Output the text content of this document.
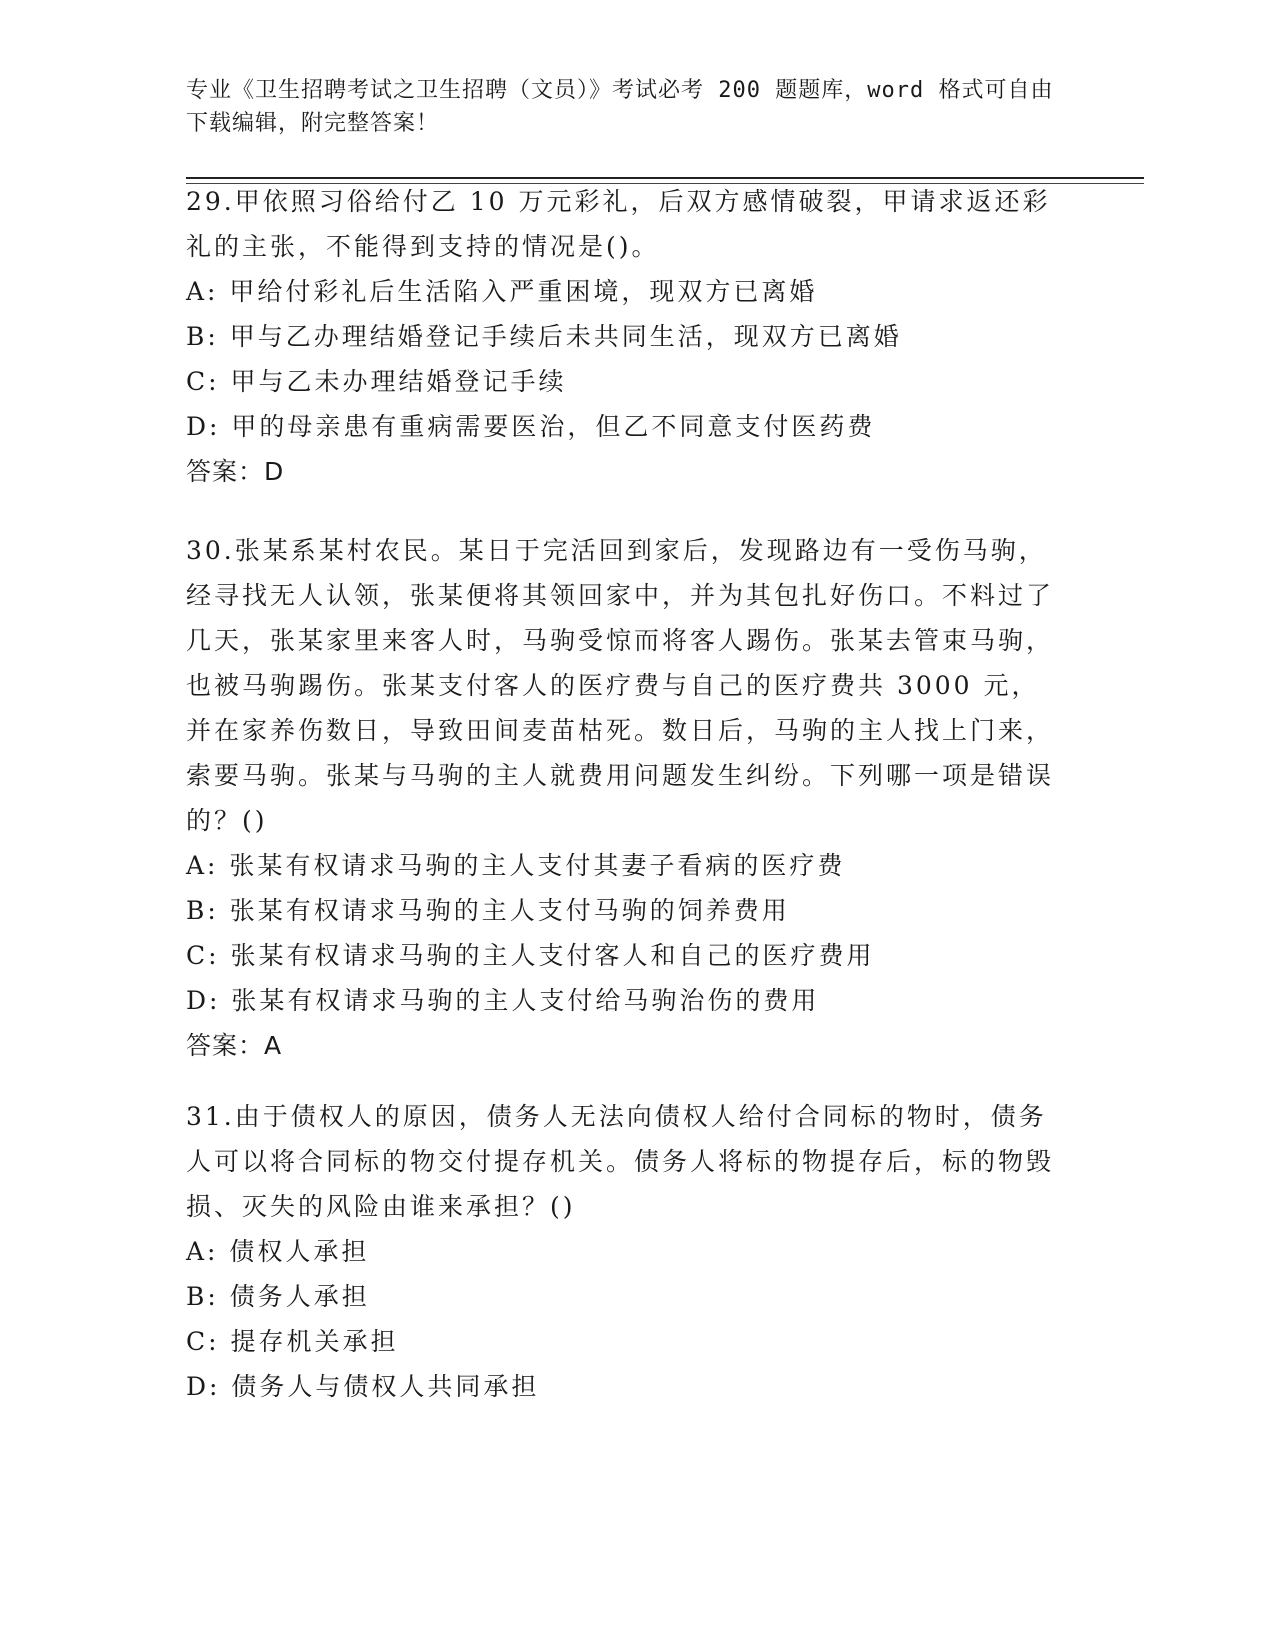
专业《卫生招聘考试之卫生招聘（文员）》考试必考 200 题题库，word 格式可自由下载编辑，附完整答案！

29.甲依照习俗给付乙 10 万元彩礼，后双方感情破裂，甲请求返还彩礼的主张，不能得到支持的情况是()。

A: 甲给付彩礼后生活陷入严重困境，现双方已离婚

B: 甲与乙办理结婚登记手续后未共同生活，现双方已离婚

C: 甲与乙未办理结婚登记手续

D: 甲的母亲患有重病需要医治，但乙不同意支付医药费

答案：D

30.张某系某村农民。某日于完活回到家后，发现路边有一受伤马驹，经寻找无人认领，张某便将其领回家中，并为其包扎好伤口。不料过了几天，张某家里来客人时，马驹受惊而将客人踢伤。张某去管束马驹，也被马驹踢伤。张某支付客人的医疗费与自己的医疗费共 3000 元，并在家养伤数日，导致田间麦苗枯死。数日后，马驹的主人找上门来，索要马驹。张某与马驹的主人就费用问题发生纠纷。下列哪一项是错误的？()

A: 张某有权请求马驹的主人支付其妻子看病的医疗费

B: 张某有权请求马驹的主人支付马驹的饲养费用

C: 张某有权请求马驹的主人支付客人和自己的医疗费用

D: 张某有权请求马驹的主人支付给马驹治伤的费用

答案：A

31.由于债权人的原因，债务人无法向债权人给付合同标的物时，债务人可以将合同标的物交付提存机关。债务人将标的物提存后，标的物毁损、灭失的风险由谁来承担？()

A: 债权人承担

B: 债务人承担

C: 提存机关承担

D: 债务人与债权人共同承担
